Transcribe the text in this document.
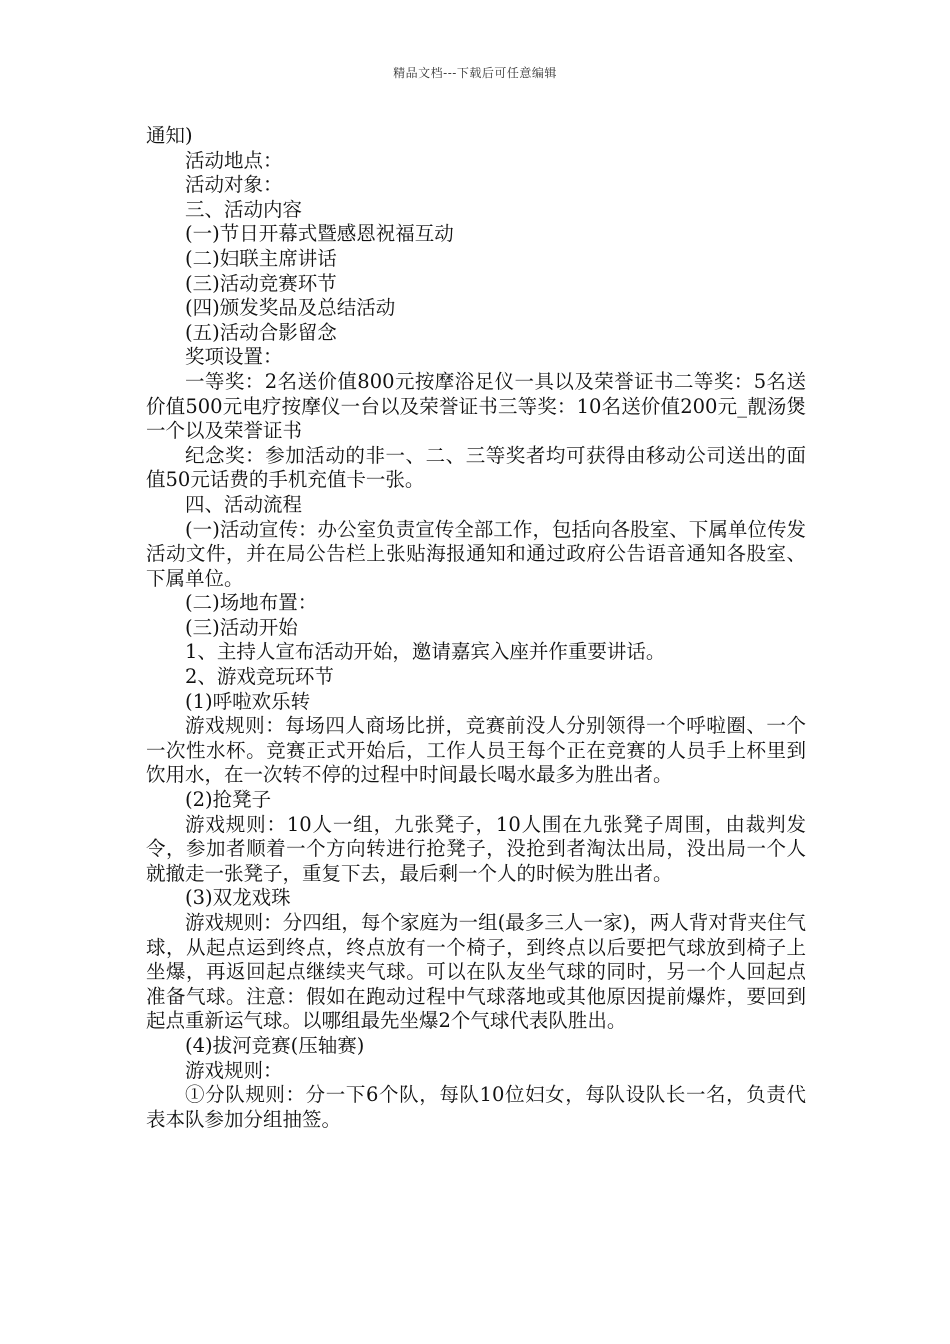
精品文档---下载后可任意编辑

通知)

活动地点：

活动对象：

三、活动内容

(一)节日开幕式暨感恩祝福互动

(二)妇联主席讲话

(三)活动竞赛环节

(四)颁发奖品及总结活动

(五)活动合影留念

奖项设置：

一等奖：2名送价值800元按摩浴足仪一具以及荣誉证书二等奖：5名送价值500元电疗按摩仪一台以及荣誉证书三等奖：10名送价值200元_靓汤煲一个以及荣誉证书

纪念奖：参加活动的非一、二、三等奖者均可获得由移动公司送出的面值50元话费的手机充值卡一张。

四、活动流程

(一)活动宣传：办公室负责宣传全部工作，包括向各股室、下属单位传发活动文件，并在局公告栏上张贴海报通知和通过政府公告语音通知各股室、下属单位。

(二)场地布置：

(三)活动开始

1、主持人宣布活动开始，邀请嘉宾入座并作重要讲话。

2、游戏竞玩环节

(1)呼啦欢乐转

游戏规则：每场四人商场比拼，竞赛前没人分别领得一个呼啦圈、一个一次性水杯。竞赛正式开始后，工作人员王每个正在竞赛的人员手上杯里到饮用水，在一次转不停的过程中时间最长喝水最多为胜出者。

(2)抢凳子

游戏规则：10人一组，九张凳子，10人围在九张凳子周围，由裁判发令，参加者顺着一个方向转进行抢凳子，没抢到者淘汰出局，没出局一个人就撤走一张凳子，重复下去，最后剩一个人的时候为胜出者。

(3)双龙戏珠

游戏规则：分四组，每个家庭为一组(最多三人一家)，两人背对背夹住气球，从起点运到终点，终点放有一个椅子，到终点以后要把气球放到椅子上坐爆，再返回起点继续夹气球。可以在队友坐气球的同时，另一个人回起点准备气球。注意：假如在跑动过程中气球落地或其他原因提前爆炸，要回到起点重新运气球。以哪组最先坐爆2个气球代表队胜出。

(4)拔河竞赛(压轴赛)

游戏规则：

①分队规则：分一下6个队，每队10位妇女，每队设队长一名，负责代表本队参加分组抽签。
